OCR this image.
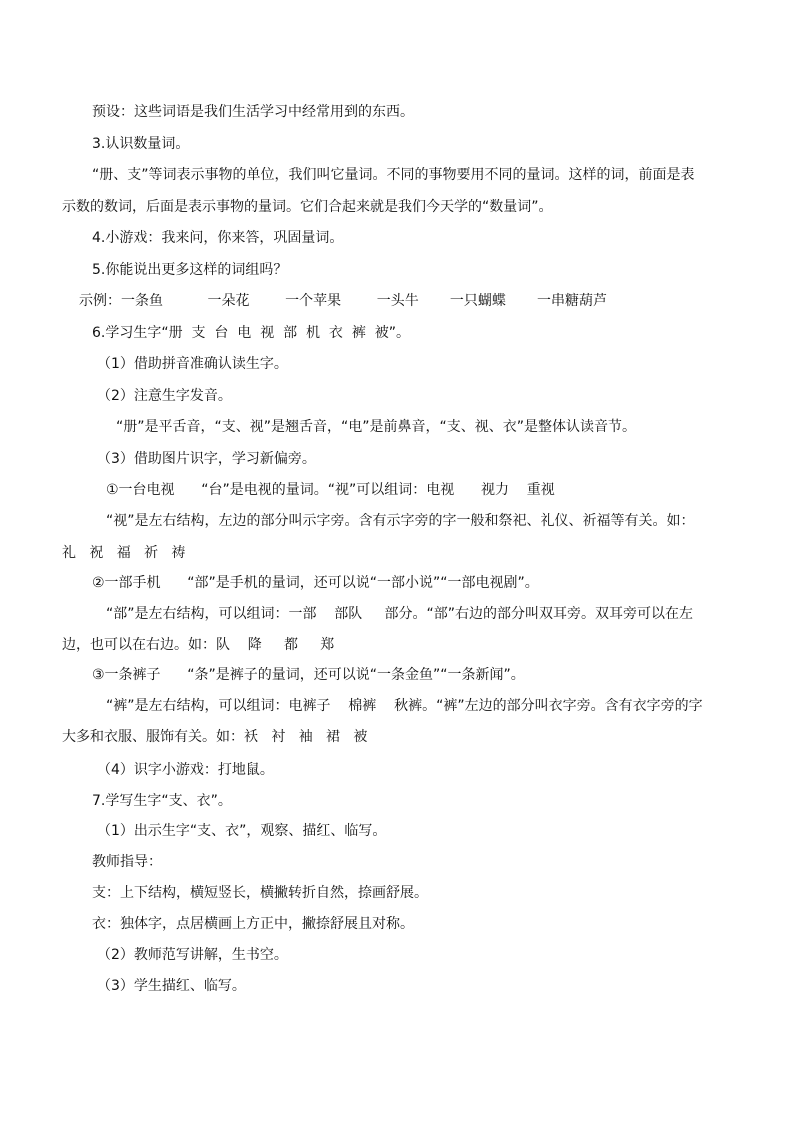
预设：这些词语是我们生活学习中经常用到的东西。

3.认识数量词。

“册、支”等词表示事物的单位，我们叫它量词。不同的事物要用不同的量词。这样的词，前面是表

示数的数词，后面是表示事物的量词。它们合起来就是我们今天学的“数量词”。

4.小游戏：我来问，你来答，巩固量词。

5.你能说出更多这样的词组吗？

示例：一条鱼          一朵花        一个苹果        一头牛       一只蝴蝶       一串糖葫芦

6.学习生字“册  支  台  电  视  部  机  衣  裤  被”。

（1）借助拼音准确认读生字。

（2）注意生字发音。

“册”是平舌音，“支、视”是翘舌音，“电”是前鼻音，“支、视、衣”是整体认读音节。

（3）借助图片识字，学习新偏旁。

①一台电视      “台”是电视的量词。“视”可以组词：电视      视力    重视

“视”是左右结构，左边的部分叫示字旁。含有示字旁的字一般和祭祀、礼仪、祈福等有关。如：

礼   祝   福   祈   祷

②一部手机      “部”是手机的量词，还可以说“一部小说”“一部电视剧”。

“部”是左右结构，可以组词：一部    部队     部分。“部”右边的部分叫双耳旁。双耳旁可以在左

边，也可以在右边。如：队    降     都     郑

③一条裤子      “条”是裤子的量词，还可以说“一条金鱼”“一条新闻”。

“裤”是左右结构，可以组词：电裤子    棉裤    秋裤。“裤”左边的部分叫衣字旁。含有衣字旁的字

大多和衣服、服饰有关。如：袄   衬   袖   裙   被

（4）识字小游戏：打地鼠。

7.学写生字“支、衣”。

（1）出示生字“支、衣”，观察、描红、临写。

教师指导：

支：上下结构，横短竖长，横撇转折自然，捺画舒展。

衣：独体字，点居横画上方正中，撇捺舒展且对称。

（2）教师范写讲解，生书空。

（3）学生描红、临写。
